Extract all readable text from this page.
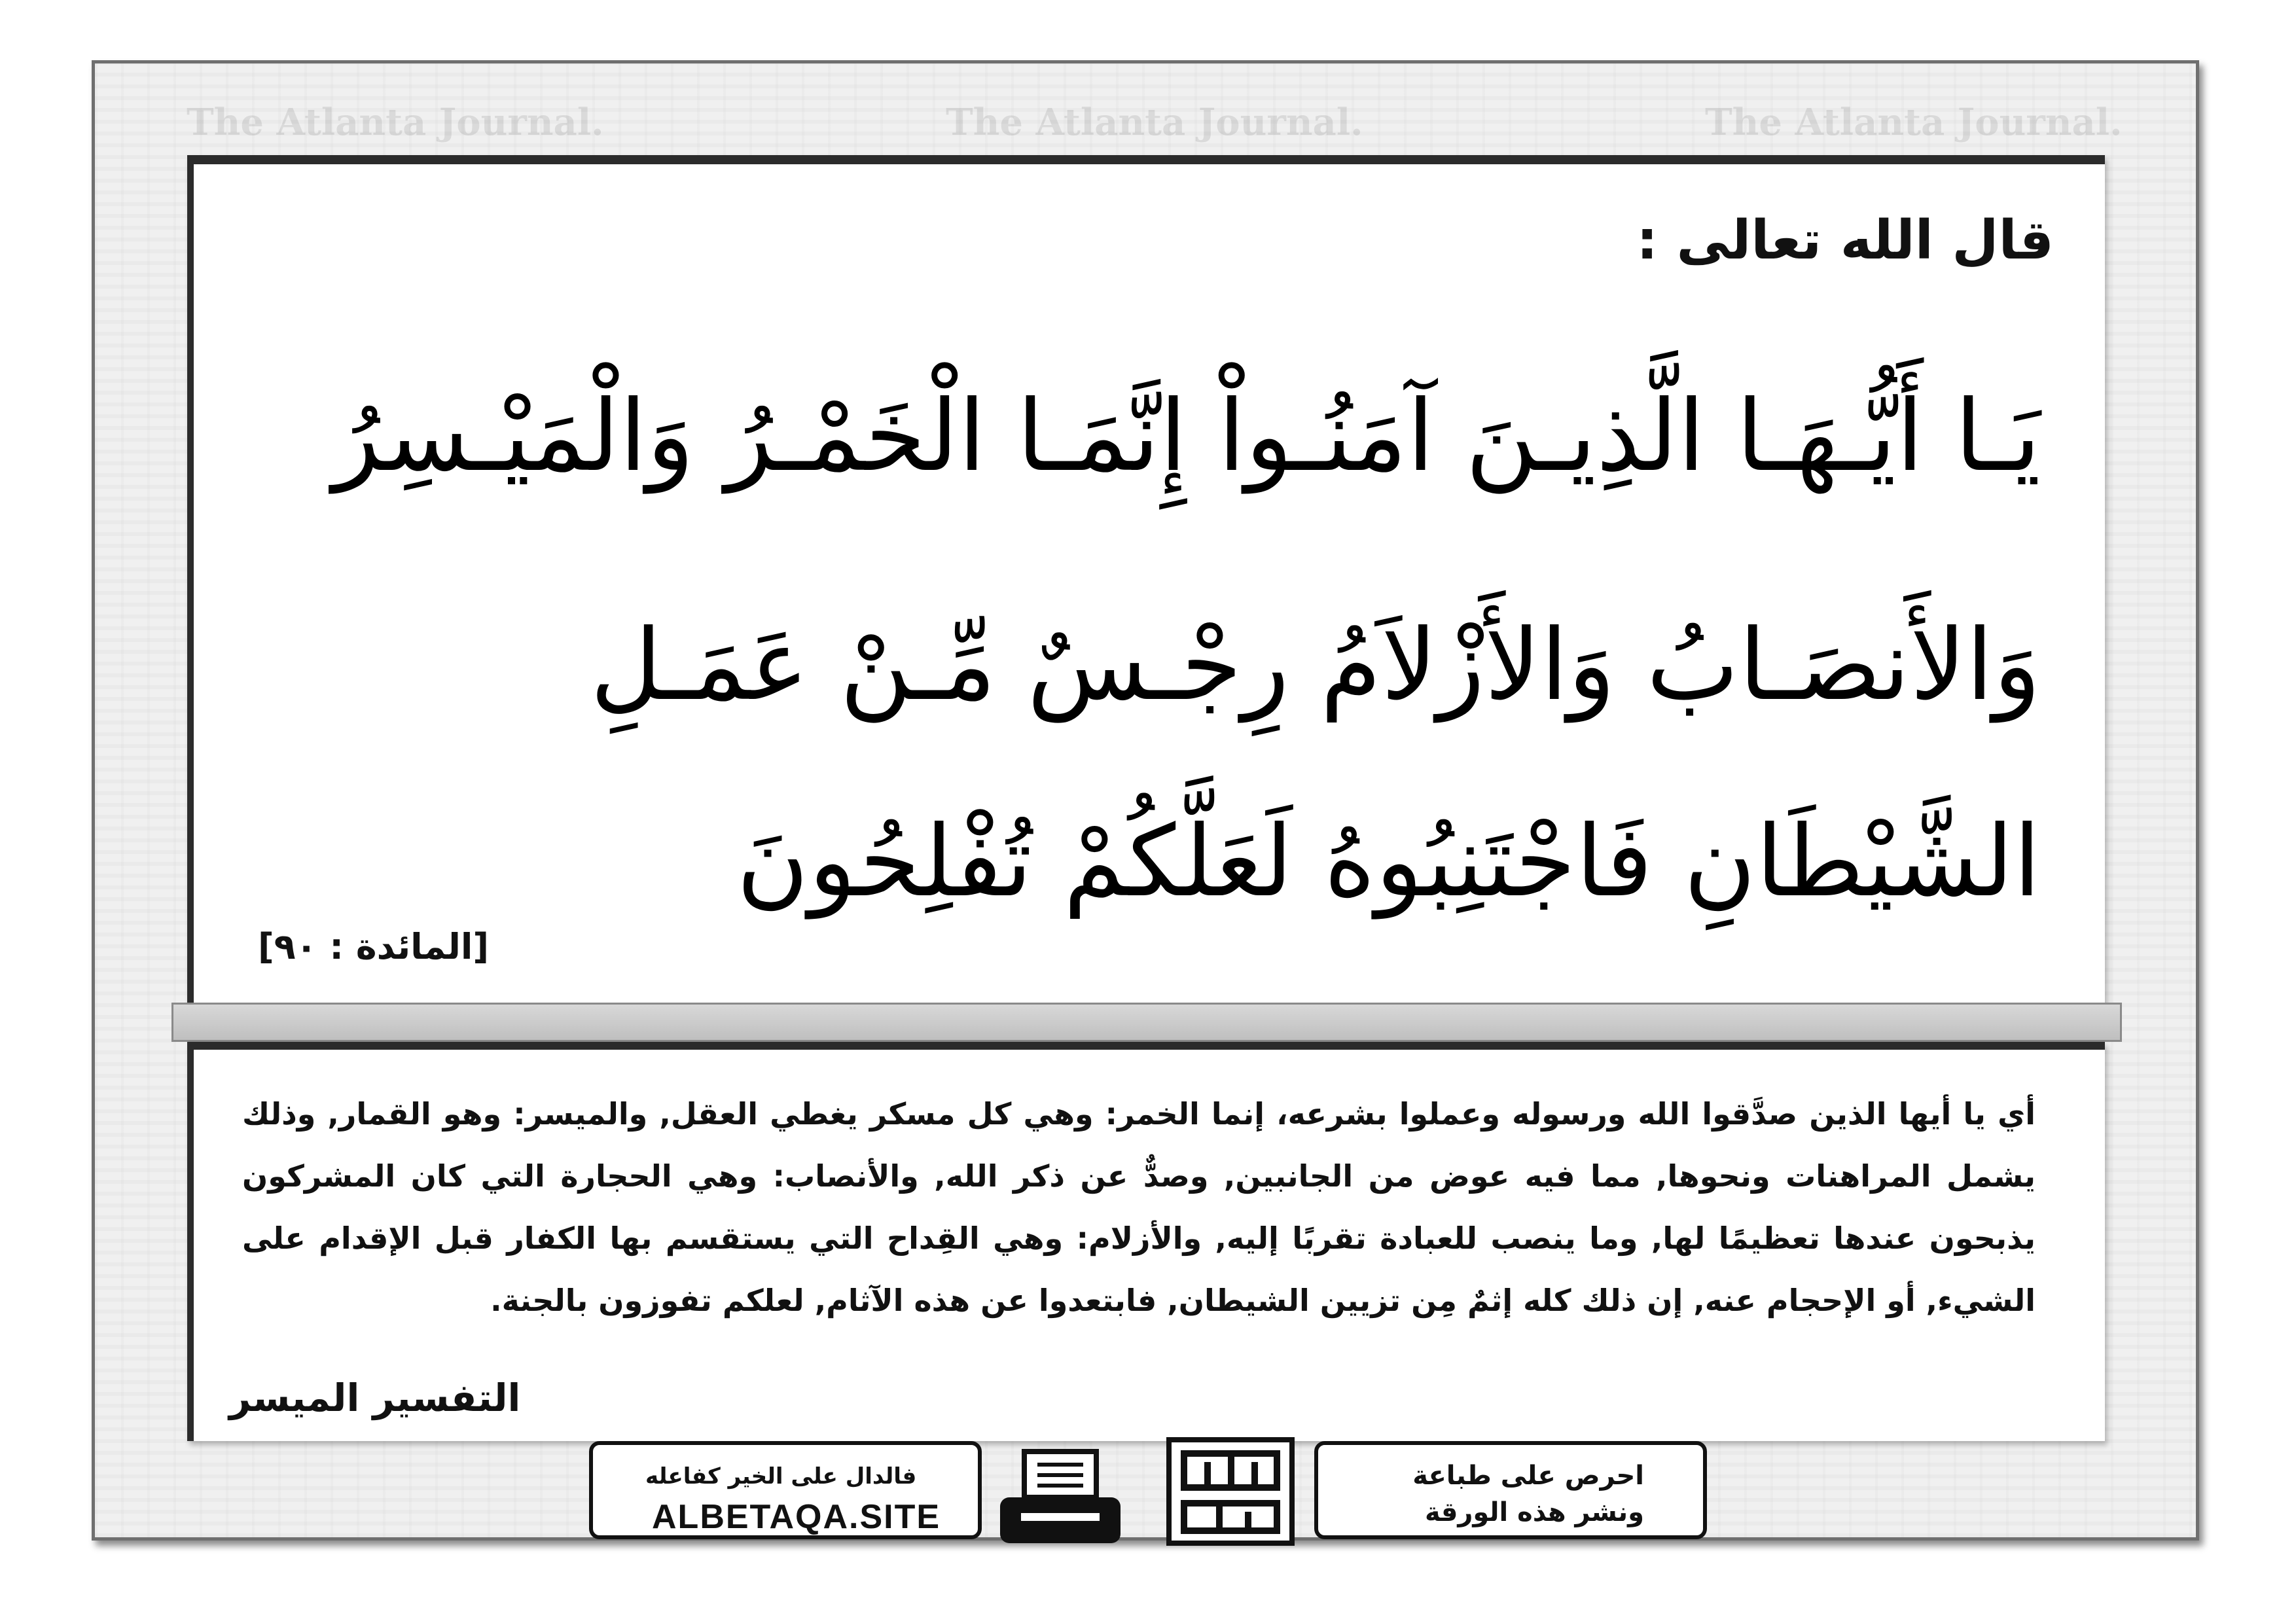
The Atlanta Journal.	The Atlanta Journal.	The Atlanta Journal.
قال الله تعالى :
يَـا أَيُّـهَـا الَّذِيـنَ آمَنُـواْ إِنَّمَـا الْخَمْـرُ وَالْمَيْـسِرُ
وَالأَنصَـابُ وَالأَزْلاَمُ رِجْـسٌ مِّـنْ عَمَـلِ
الشَّيْطَانِ فَاجْتَنِبُوهُ لَعَلَّكُمْ تُفْلِحُونَ
[المائدة : ٩٠]
أي يا أيها الذين صدَّقوا الله ورسوله وعملوا بشرعه، إنما الخمر: وهي كل مسكر يغطي العقل, والميسر: وهو القمار, وذلك يشمل المراهنات ونحوها, مما فيه عوض من الجانبين, وصدٌّ عن ذكر الله, والأنصاب: وهي الحجارة التي كان المشركون يذبحون عندها تعظيمًا لها, وما ينصب للعبادة تقربًا إليه, والأزلام: وهي القِداح التي يستقسم بها الكفار قبل الإقدام على الشيء, أو الإحجام عنه, إن ذلك كله إثمٌ مِن تزيين الشيطان, فابتعدوا عن هذه الآثام, لعلكم تفوزون بالجنة.
التفسير الميسر
فالدال على الخير كفاعله
ALBETAQA.SITE
احرص على طباعة
ونشر هذه الورقة
